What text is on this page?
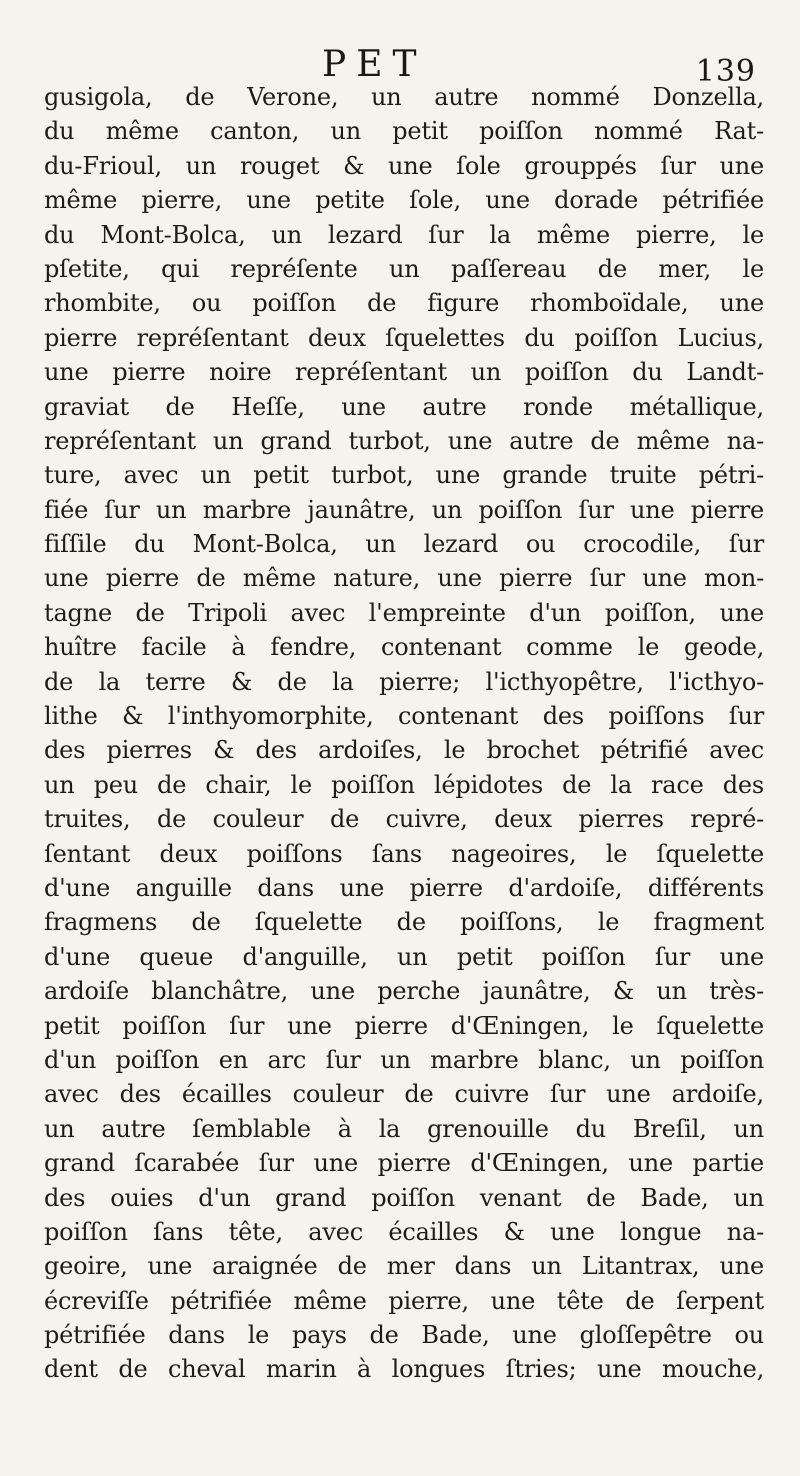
PET	139
gusigola, de Verone, un autre nommé Donzella,
du même canton, un petit poiſſon nommé Rat-
du-Frioul, un rouget & une ſole grouppés ſur une
même pierre, une petite ſole, une dorade pétrifiée
du Mont-Bolca, un lezard ſur la même pierre, le
pſetite, qui repréſente un paſſereau de mer, le
rhombite, ou poiſſon de figure rhomboïdale, une
pierre repréſentant deux ſquelettes du poiſſon Lucius,
une pierre noire repréſentant un poiſſon du Landt-
graviat de Heſſe, une autre ronde métallique,
repréſentant un grand turbot, une autre de même na-
ture, avec un petit turbot, une grande truite pétri-
fiée ſur un marbre jaunâtre, un poiſſon ſur une pierre
fiſſile du Mont-Bolca, un lezard ou crocodile, ſur
une pierre de même nature, une pierre ſur une mon-
tagne de Tripoli avec l'empreinte d'un poiſſon, une
huître facile à fendre, contenant comme le geode,
de la terre & de la pierre; l'icthyopêtre, l'icthyo-
lithe & l'inthyomorphite, contenant des poiſſons ſur
des pierres & des ardoiſes, le brochet pétrifié avec
un peu de chair, le poiſſon lépidotes de la race des
truites, de couleur de cuivre, deux pierres repré-
ſentant deux poiſſons ſans nageoires, le ſquelette
d'une anguille dans une pierre d'ardoiſe, différents
fragmens de ſquelette de poiſſons, le fragment
d'une queue d'anguille, un petit poiſſon ſur une
ardoiſe blanchâtre, une perche jaunâtre, & un très-
petit poiſſon ſur une pierre d'Œningen, le ſquelette
d'un poiſſon en arc ſur un marbre blanc, un poiſſon
avec des écailles couleur de cuivre ſur une ardoiſe,
un autre ſemblable à la grenouille du Breſil, un
grand ſcarabée ſur une pierre d'Œningen, une partie
des ouies d'un grand poiſſon venant de Bade, un
poiſſon ſans tête, avec écailles & une longue na-
geoire, une araignée de mer dans un Litantrax, une
écreviſſe pétrifiée même pierre, une tête de ſerpent
pétrifiée dans le pays de Bade, une gloſſepêtre ou
dent de cheval marin à longues ſtries; une mouche,
